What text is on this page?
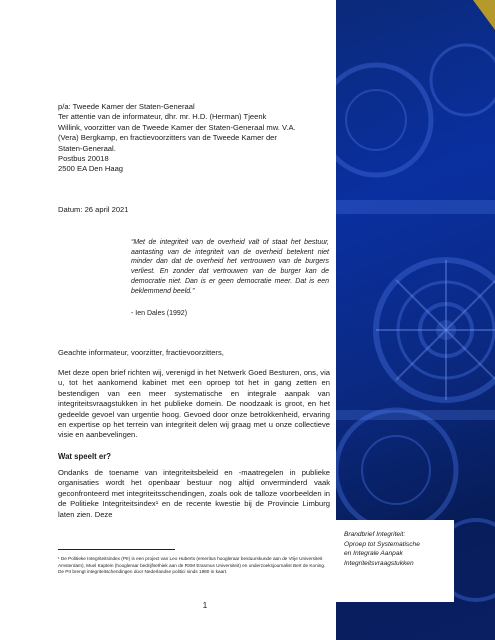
Brandbrief Integriteit:
Oproep tot Systematische
en Integrale Aanpak
Integriteitsvraagstukken
p/a: Tweede Kamer der Staten-Generaal
Ter attentie van de informateur, dhr. mr. H.D. (Herman) Tjeenk
Willink, voorzitter van de Tweede Kamer der Staten-Generaal mw. V.A.
(Vera) Bergkamp, en fractievoorzitters van de Tweede Kamer der
Staten-Generaal.
Postbus 20018
2500 EA Den Haag
Datum: 26 april 2021
“Met de integriteit van de overheid valt of staat het bestuur, aantasting van de integriteit van de overheid betekent niet minder dan dat de overheid het vertrouwen van de burgers verliest. En zonder dat vertrouwen van de burger kan de democratie niet. Dan is er geen democratie meer. Dat is een beklemmend beeld.”
- Ien Dales (1992)
Geachte informateur, voorzitter, fractievoorzitters,
Met deze open brief richten wij, verenigd in het Netwerk Goed Besturen, ons, via u, tot het aankomend kabinet met een oproep tot het in gang zetten en bestendigen van een meer systematische en integrale aanpak van integriteitsvraagstukken in het publieke domein. De noodzaak is groot, en het gedeelde gevoel van urgentie hoog. Gevoed door onze betrokkenheid, ervaring en expertise op het terrein van integriteit delen wij graag met u onze collectieve visie en aanbevelingen.
Wat speelt er?
Ondanks de toename van integriteitsbeleid en -maatregelen in publieke organisaties wordt het openbaar bestuur nog altijd onverminderd vaak geconfronteerd met integriteitsschendingen, zoals ook de talloze voorbeelden in de Politieke Integriteitsindex¹ en de recente kwestie bij de Provincie Limburg laten zien. Deze
¹ De Politieke Integriteitsindex (PII) is een project van Leo Huberts (emeritus hoogleraar bestuurskunde aan de Vrije Universiteit Amsterdam), Muel Kaptein (hoogleraar bedrijfsethiek aan de RSM Erasmus Universiteit) en onderzoeksjournalist Bert de Koning. De PII brengt integriteitschendingen door Nederlandse politici sinds 1980 in kaart.
1
